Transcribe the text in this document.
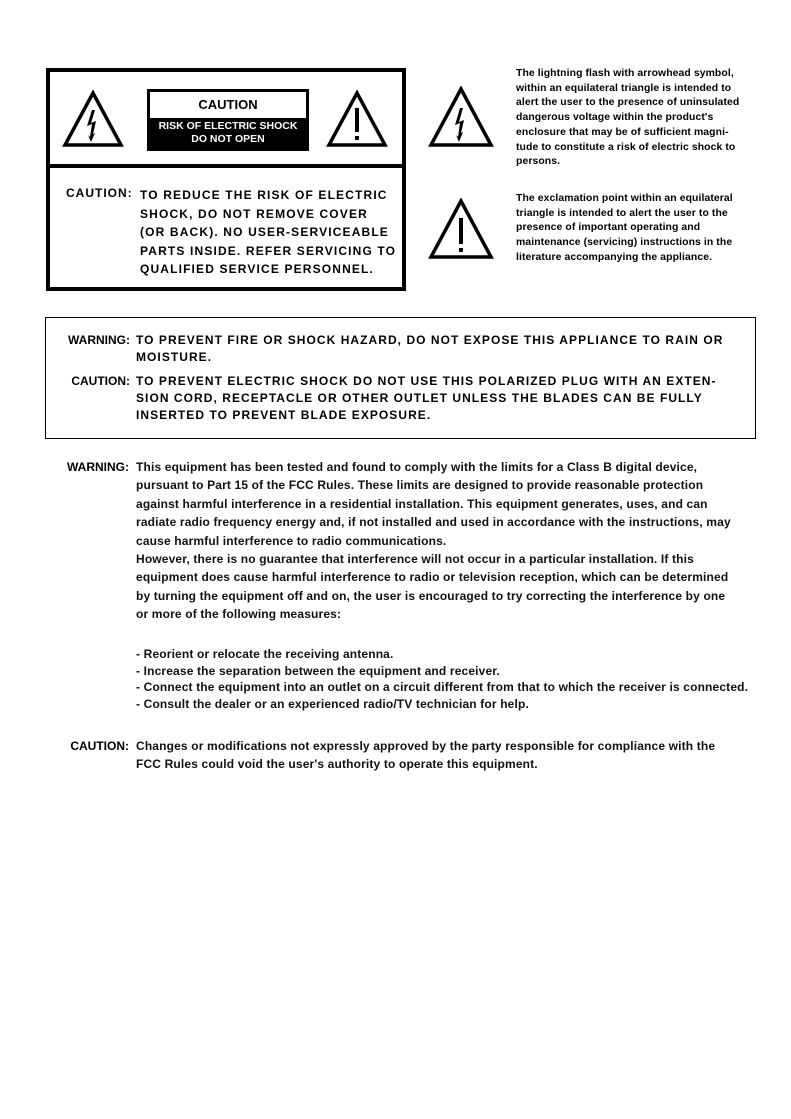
CAUTION
RISK OF ELECTRIC SHOCK
DO NOT OPEN
CAUTION: TO REDUCE THE RISK OF ELECTRIC
SHOCK, DO NOT REMOVE COVER
(OR BACK). NO USER-SERVICEABLE
PARTS INSIDE. REFER SERVICING TO
QUALIFIED SERVICE PERSONNEL.
The lightning flash with arrowhead symbol,
within an equilateral triangle is intended to
alert the user to the presence of uninsulated
dangerous voltage within the product's
enclosure that may be of sufficient magni-
tude to constitute a risk of electric shock to
persons.
The exclamation point within an equilateral
triangle is intended to alert the user to the
presence of important operating and
maintenance (servicing) instructions in the
literature accompanying the appliance.
WARNING: TO PREVENT FIRE OR SHOCK HAZARD, DO NOT EXPOSE THIS APPLIANCE TO RAIN OR
MOISTURE.
CAUTION: TO PREVENT ELECTRIC SHOCK DO NOT USE THIS POLARIZED PLUG WITH AN EXTEN-
SION CORD, RECEPTACLE OR OTHER OUTLET UNLESS THE BLADES CAN BE FULLY
INSERTED TO PREVENT BLADE EXPOSURE.
WARNING: This equipment has been tested and found to comply with the limits for a Class B digital device,
pursuant to Part 15 of the FCC Rules. These limits are designed to provide reasonable protection
against harmful interference in a residential installation. This equipment generates, uses, and can
radiate radio frequency energy and, if not installed and used in accordance with the instructions, may
cause harmful interference to radio communications.
However, there is no guarantee that interference will not occur in a particular installation. If this
equipment does cause harmful interference to radio or television reception, which can be determined
by turning the equipment off and on, the user is encouraged to try correcting the interference by one
or more of the following measures:
- Reorient or relocate the receiving antenna.
- Increase the separation between the equipment and receiver.
- Connect the equipment into an outlet on a circuit different from that to which the receiver is connected.
- Consult the dealer or an experienced radio/TV technician for help.
CAUTION: Changes or modifications not expressly approved by the party responsible for compliance with the
FCC Rules could void the user's authority to operate this equipment.
